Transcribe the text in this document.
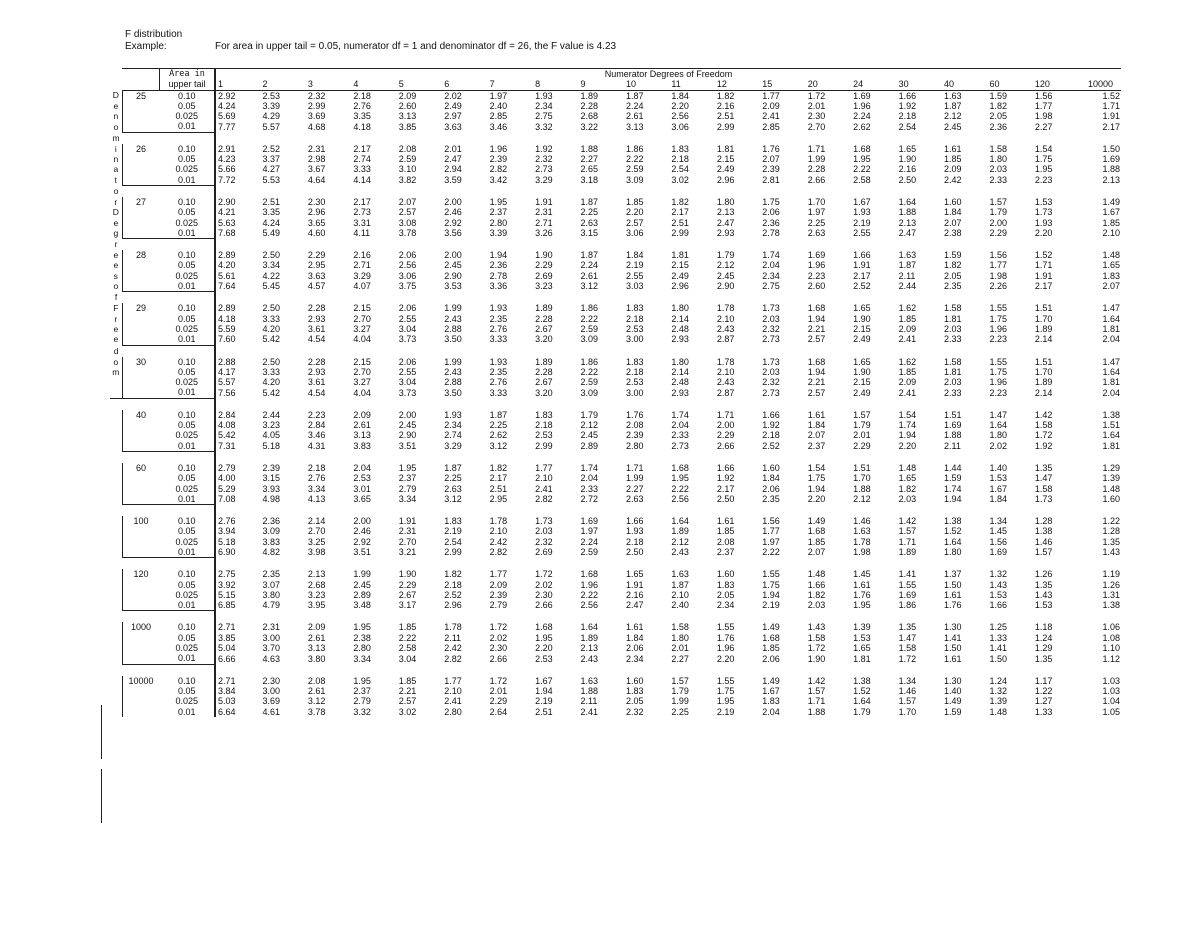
F distribution
Example:	For area in upper tail = 0.05, numerator df = 1 and denominator df = 26, the F value is 4.23
		Area in	Numerator Degrees of Freedom																			
		upper tail	1	2	3	4	5	6	7	8	9	10	11	12	15	20	24	30	40	60	120	10000
D	25	0.10	2.92	2.53	2.32	2.18	2.09	2.02	1.97	1.93	1.89	1.87	1.84	1.82	1.77	1.72	1.69	1.66	1.63	1.59	1.56	1.52
e		0.05	4.24	3.39	2.99	2.76	2.60	2.49	2.40	2.34	2.28	2.24	2.20	2.16	2.09	2.01	1.96	1.92	1.87	1.82	1.77	1.71
n		0.025	5.69	4.29	3.69	3.35	3.13	2.97	2.85	2.75	2.68	2.61	2.56	2.51	2.41	2.30	2.24	2.18	2.12	2.05	1.98	1.91
o		0.01	7.77	5.57	4.68	4.18	3.85	3.63	3.46	3.32	3.22	3.13	3.06	2.99	2.85	2.70	2.62	2.54	2.45	2.36	2.27	2.17
m																						
i	26	0.10	2.91	2.52	2.31	2.17	2.08	2.01	1.96	1.92	1.88	1.86	1.83	1.81	1.76	1.71	1.68	1.65	1.61	1.58	1.54	1.50
n		0.05	4.23	3.37	2.98	2.74	2.59	2.47	2.39	2.32	2.27	2.22	2.18	2.15	2.07	1.99	1.95	1.90	1.85	1.80	1.75	1.69
a		0.025	5.66	4.27	3.67	3.33	3.10	2.94	2.82	2.73	2.65	2.59	2.54	2.49	2.39	2.28	2.22	2.16	2.09	2.03	1.95	1.88
t		0.01	7.72	5.53	4.64	4.14	3.82	3.59	3.42	3.29	3.18	3.09	3.02	2.96	2.81	2.66	2.58	2.50	2.42	2.33	2.23	2.13
o																						
r	27	0.10	2.90	2.51	2.30	2.17	2.07	2.00	1.95	1.91	1.87	1.85	1.82	1.80	1.75	1.70	1.67	1.64	1.60	1.57	1.53	1.49
D		0.05	4.21	3.35	2.96	2.73	2.57	2.46	2.37	2.31	2.25	2.20	2.17	2.13	2.06	1.97	1.93	1.88	1.84	1.79	1.73	1.67
e		0.025	5.63	4.24	3.65	3.31	3.08	2.92	2.80	2.71	2.63	2.57	2.51	2.47	2.36	2.25	2.19	2.13	2.07	2.00	1.93	1.85
g		0.01	7.68	5.49	4.60	4.11	3.78	3.56	3.39	3.26	3.15	3.06	2.99	2.93	2.78	2.63	2.55	2.47	2.38	2.29	2.20	2.10
r																						
e	28	0.10	2.89	2.50	2.29	2.16	2.06	2.00	1.94	1.90	1.87	1.84	1.81	1.79	1.74	1.69	1.66	1.63	1.59	1.56	1.52	1.48
e		0.05	4.20	3.34	2.95	2.71	2.56	2.45	2.36	2.29	2.24	2.19	2.15	2.12	2.04	1.96	1.91	1.87	1.82	1.77	1.71	1.65
s		0.025	5.61	4.22	3.63	3.29	3.06	2.90	2.78	2.69	2.61	2.55	2.49	2.45	2.34	2.23	2.17	2.11	2.05	1.98	1.91	1.83
o		0.01	7.64	5.45	4.57	4.07	3.75	3.53	3.36	3.23	3.12	3.03	2.96	2.90	2.75	2.60	2.52	2.44	2.35	2.26	2.17	2.07
f																						
F	29	0.10	2.89	2.50	2.28	2.15	2.06	1.99	1.93	1.89	1.86	1.83	1.80	1.78	1.73	1.68	1.65	1.62	1.58	1.55	1.51	1.47
r		0.05	4.18	3.33	2.93	2.70	2.55	2.43	2.35	2.28	2.22	2.18	2.14	2.10	2.03	1.94	1.90	1.85	1.81	1.75	1.70	1.64
e		0.025	5.59	4.20	3.61	3.27	3.04	2.88	2.76	2.67	2.59	2.53	2.48	2.43	2.32	2.21	2.15	2.09	2.03	1.96	1.89	1.81
e		0.01	7.60	5.42	4.54	4.04	3.73	3.50	3.33	3.20	3.09	3.00	2.93	2.87	2.73	2.57	2.49	2.41	2.33	2.23	2.14	2.04
d																						
o	30	0.10	2.88	2.50	2.28	2.15	2.06	1.99	1.93	1.89	1.86	1.83	1.80	1.78	1.73	1.68	1.65	1.62	1.58	1.55	1.51	1.47
m		0.05	4.17	3.33	2.93	2.70	2.55	2.43	2.35	2.28	2.22	2.18	2.14	2.10	2.03	1.94	1.90	1.85	1.81	1.75	1.70	1.64
		0.025	5.57	4.20	3.61	3.27	3.04	2.88	2.76	2.67	2.59	2.53	2.48	2.43	2.32	2.21	2.15	2.09	2.03	1.96	1.89	1.81
		0.01	7.56	5.42	4.54	4.04	3.73	3.50	3.33	3.20	3.09	3.00	2.93	2.87	2.73	2.57	2.49	2.41	2.33	2.23	2.14	2.04

	40	0.10	2.84	2.44	2.23	2.09	2.00	1.93	1.87	1.83	1.79	1.76	1.74	1.71	1.66	1.61	1.57	1.54	1.51	1.47	1.42	1.38
		0.05	4.08	3.23	2.84	2.61	2.45	2.34	2.25	2.18	2.12	2.08	2.04	2.00	1.92	1.84	1.79	1.74	1.69	1.64	1.58	1.51
		0.025	5.42	4.05	3.46	3.13	2.90	2.74	2.62	2.53	2.45	2.39	2.33	2.29	2.18	2.07	2.01	1.94	1.88	1.80	1.72	1.64
		0.01	7.31	5.18	4.31	3.83	3.51	3.29	3.12	2.99	2.89	2.80	2.73	2.66	2.52	2.37	2.29	2.20	2.11	2.02	1.92	1.81

	60	0.10	2.79	2.39	2.18	2.04	1.95	1.87	1.82	1.77	1.74	1.71	1.68	1.66	1.60	1.54	1.51	1.48	1.44	1.40	1.35	1.29
		0.05	4.00	3.15	2.76	2.53	2.37	2.25	2.17	2.10	2.04	1.99	1.95	1.92	1.84	1.75	1.70	1.65	1.59	1.53	1.47	1.39
		0.025	5.29	3.93	3.34	3.01	2.79	2.63	2.51	2.41	2.33	2.27	2.22	2.17	2.06	1.94	1.88	1.82	1.74	1.67	1.58	1.48
		0.01	7.08	4.98	4.13	3.65	3.34	3.12	2.95	2.82	2.72	2.63	2.56	2.50	2.35	2.20	2.12	2.03	1.94	1.84	1.73	1.60

	100	0.10	2.76	2.36	2.14	2.00	1.91	1.83	1.78	1.73	1.69	1.66	1.64	1.61	1.56	1.49	1.46	1.42	1.38	1.34	1.28	1.22
		0.05	3.94	3.09	2.70	2.46	2.31	2.19	2.10	2.03	1.97	1.93	1.89	1.85	1.77	1.68	1.63	1.57	1.52	1.45	1.38	1.28
		0.025	5.18	3.83	3.25	2.92	2.70	2.54	2.42	2.32	2.24	2.18	2.12	2.08	1.97	1.85	1.78	1.71	1.64	1.56	1.46	1.35
		0.01	6.90	4.82	3.98	3.51	3.21	2.99	2.82	2.69	2.59	2.50	2.43	2.37	2.22	2.07	1.98	1.89	1.80	1.69	1.57	1.43

	120	0.10	2.75	2.35	2.13	1.99	1.90	1.82	1.77	1.72	1.68	1.65	1.63	1.60	1.55	1.48	1.45	1.41	1.37	1.32	1.26	1.19
		0.05	3.92	3.07	2.68	2.45	2.29	2.18	2.09	2.02	1.96	1.91	1.87	1.83	1.75	1.66	1.61	1.55	1.50	1.43	1.35	1.26
		0.025	5.15	3.80	3.23	2.89	2.67	2.52	2.39	2.30	2.22	2.16	2.10	2.05	1.94	1.82	1.76	1.69	1.61	1.53	1.43	1.31
		0.01	6.85	4.79	3.95	3.48	3.17	2.96	2.79	2.66	2.56	2.47	2.40	2.34	2.19	2.03	1.95	1.86	1.76	1.66	1.53	1.38

	1000	0.10	2.71	2.31	2.09	1.95	1.85	1.78	1.72	1.68	1.64	1.61	1.58	1.55	1.49	1.43	1.39	1.35	1.30	1.25	1.18	1.06
		0.05	3.85	3.00	2.61	2.38	2.22	2.11	2.02	1.95	1.89	1.84	1.80	1.76	1.68	1.58	1.53	1.47	1.41	1.33	1.24	1.08
		0.025	5.04	3.70	3.13	2.80	2.58	2.42	2.30	2.20	2.13	2.06	2.01	1.96	1.85	1.72	1.65	1.58	1.50	1.41	1.29	1.10
		0.01	6.66	4.63	3.80	3.34	3.04	2.82	2.66	2.53	2.43	2.34	2.27	2.20	2.06	1.90	1.81	1.72	1.61	1.50	1.35	1.12

	10000	0.10	2.71	2.30	2.08	1.95	1.85	1.77	1.72	1.67	1.63	1.60	1.57	1.55	1.49	1.42	1.38	1.34	1.30	1.24	1.17	1.03
		0.05	3.84	3.00	2.61	2.37	2.21	2.10	2.01	1.94	1.88	1.83	1.79	1.75	1.67	1.57	1.52	1.46	1.40	1.32	1.22	1.03
		0.025	5.03	3.69	3.12	2.79	2.57	2.41	2.29	2.19	2.11	2.05	1.99	1.95	1.83	1.71	1.64	1.57	1.49	1.39	1.27	1.04
		0.01	6.64	4.61	3.78	3.32	3.02	2.80	2.64	2.51	2.41	2.32	2.25	2.19	2.04	1.88	1.79	1.70	1.59	1.48	1.33	1.05
